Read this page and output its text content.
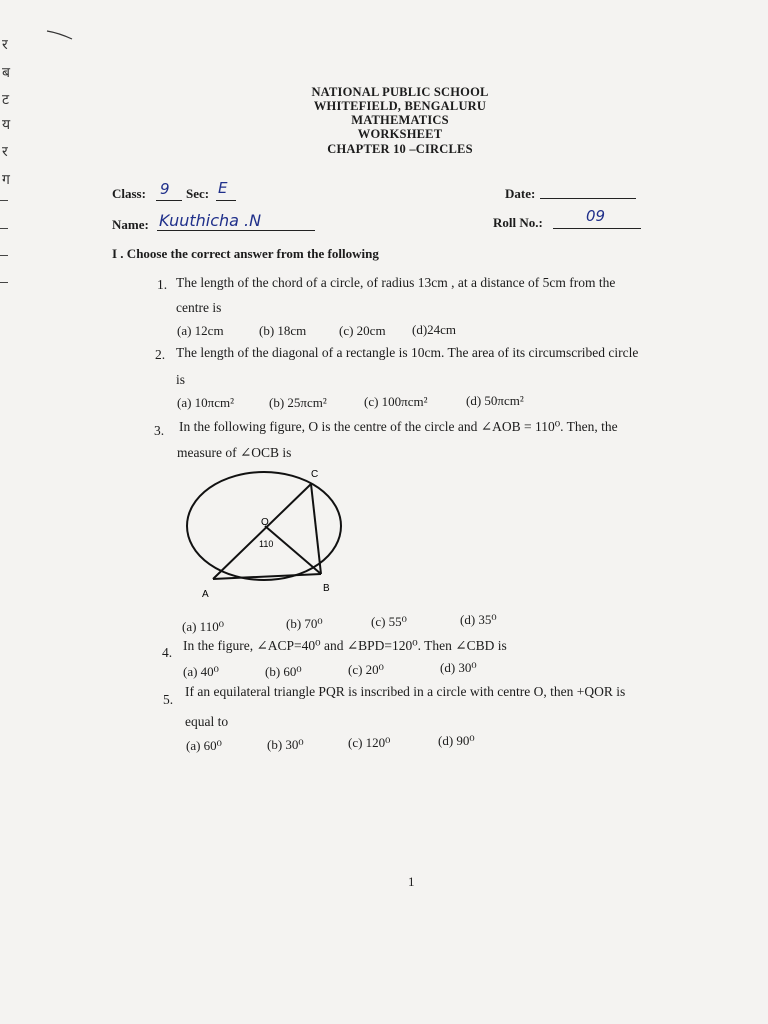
र
ब
ट
य
र
ग
NATIONAL PUBLIC SCHOOL
WHITEFIELD, BENGALURU
MATHEMATICS
WORKSHEET
CHAPTER 10 –CIRCLES
Class: 9 Sec: E	Date:
Name: Kuuthicha .N	Roll No.:	09
I . Choose the correct answer from the following
1. The length of the chord of a circle, of radius 13cm , at a distance of 5cm from the
centre is
(a) 12cm	(b) 18cm	(c) 20cm (d)24cm
2. The length of the diagonal of a rectangle is 10cm. The area of its circumscribed circle
is
(a) 10πcm²	(b) 25πcm²	(c) 100πcm²	(d) 50πcm²
3. In the following figure, O is the centre of the circle and ∠AOB = 110⁰. Then, the
measure of ∠OCB is
C
O
110
A
B
(a) 110⁰	(b) 70⁰	(c) 55⁰	(d) 35⁰
4. In the figure, ∠ACP=40⁰ and ∠BPD=120⁰. Then ∠CBD is
(a) 40⁰	(b) 60⁰	(c) 20⁰	(d) 30⁰
5.
If an equilateral triangle PQR is inscribed in a circle with centre O, then +QOR is
equal to
(a) 60⁰	(b) 30⁰	(c) 120⁰	(d) 90⁰
1
